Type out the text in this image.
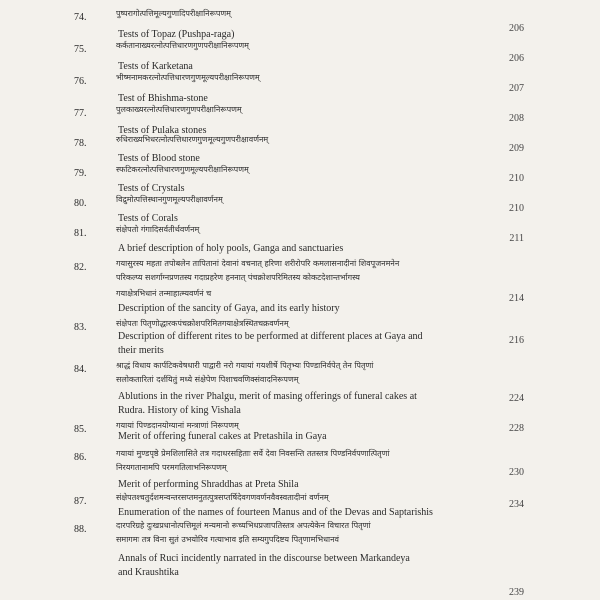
74.	पुष्परागोत्पत्तिमूल्यगुणादिपरीक्षानिरूपणम्
Tests of Topaz (Pushpa-raga)
206
75.	कर्कतानाख्यरत्नोत्पत्तिधारणगुणपरीक्षानिरूपणम्
Tests of Karketana
206
76.	भीष्मनामकरत्नोत्पत्तिधारणगुणमूल्यपरीक्षानिरूपणम्
Test of Bhishma-stone
207
77.	पुलकाख्यरत्नोत्पत्तिधारणगुणपरीक्षानिरूपणम्
Tests of Pulaka stones
208
78.	रुधिराख्यभिधरत्नोत्पत्तिधारणगुणमूल्यगुणपरीक्षावर्णनम्
Tests of Blood stone
209
79.	स्फटिकरत्नोत्पत्तिधारणगुणमूल्यपरीक्षानिरूपणम्
Tests of Crystals
210
80.	विद्रुमोत्पत्तिस्थानगुणमूल्यपरीक्षावर्णनम्
Tests of Corals
210
81.	संक्षेपतो गंगादिसर्वतीर्थवर्णनम्
A brief description of holy pools, Ganga and sanctuaries
211
82.	गयासुरस्य महता तपोबलेन तापितानां देवानां वचनात् हरिणा शरीरोपरि कमलासनादीनां शिवपूजनमनेन
परिकल्प्य सशर्गाग्नप्रणतस्य गदाप्रहरेण हननात् पंचक्रोशपरिमितस्य कोकटदेशान्तर्भागस्य
गयाक्षेत्रभिधानं तन्माहात्म्यवर्णनं च
Description of the sancity of Gaya, and its early history
214
83.	संक्षेपतः पितृणोद्धारकपंचक्रोशपरिमितगयाक्षेत्रस्थितचक्रवर्णनम्
Description of different rites to be performed at different places at Gaya and
their merits
216
84.	श्राद्धं विधाय कार्पटिकवेषधारी पाद्वारी नरो गयायां गयशीर्षे पितृभ्यः पिण्डानिर्वपेत् तेन पितृणां
सलोकतारितां दर्शयितुं मध्ये संक्षेपेण पिशाचवणिक्संवादनिरूपणम्
Ablutions in the river Phalgu, merit of masing offerings of funeral cakes at
Rudra. History of king Vishala
224
85.	गयायां पिण्डदानयोग्यानां मन्त्राणां निरूपणम्
Merit of offering funeral cakes at Pretashila in Gaya
228
86.	गयायां मुण्डपृष्ठे प्रेमशिलासिते तत्र गदाधरसहिताः सर्वे देवा निवसन्ति ततस्तत्र पिण्डनिर्वपणात्पितृणां
निरयगतानामपि परमगतिलाभनिरूपणम्
Merit of performing Shraddhas at Preta Shila
230
87.	संक्षेपतश्चतुर्दशमन्वन्तरसप्तमनुतत्पुत्रसप्तर्षिदेवगणवर्णनवैवस्वतादीनां वर्णनम्
Enumeration of the names of fourteen Manus and of the Devas and Saptarishis
234
88.	दारपरिग्रहे दुःखप्रधानोत्पत्तिमूलं मन्यमानो रूच्यभिधप्रजापतिस्तत्र अपत्येकेन विचारत पितृणां
समागमः तत्र विना सुतं उभयोरिव गत्याभाव इति सम्यगुपदिष्टय पितृणामभिधानवं
Annals of Ruci incidently narrated in the discourse between Markandeya
and Kraushtika
239
